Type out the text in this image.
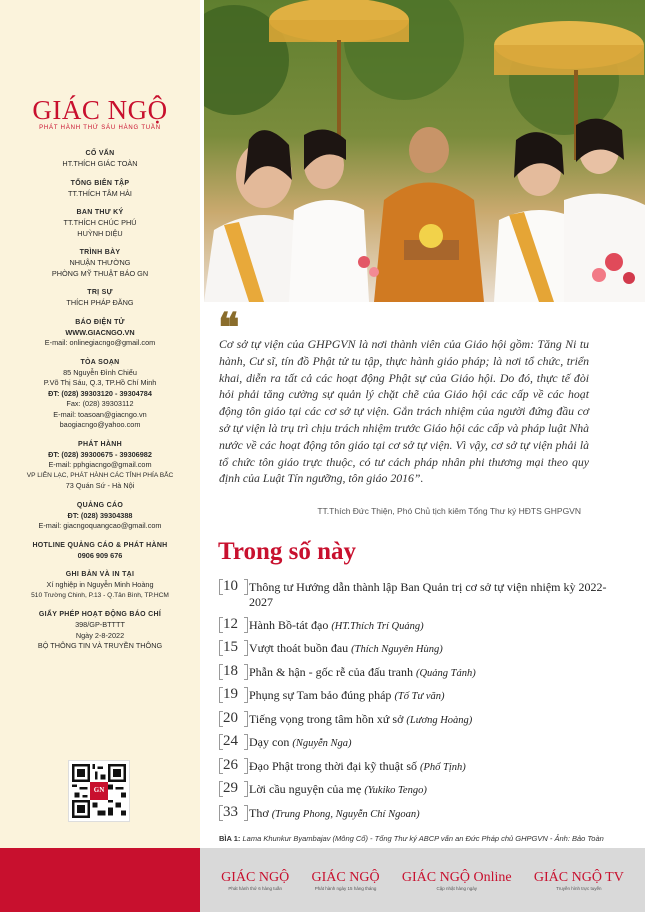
GIÁC NGỘ
PHÁT HÀNH THỨ SÁU HÀNG TUẦN
CỐ VẤN
HT.THÍCH GIÁC TOÀN
TỔNG BIÊN TẬP
TT.THÍCH TÂM HẢI
BAN THƯ KÝ
TT.THÍCH CHÚC PHÚ
HUỲNH DIỆU
TRÌNH BÀY
NHUẬN THƯỜNG
PHÒNG MỸ THUẬT BÁO GN
TRỊ SỰ
THÍCH PHÁP ĐĂNG
BÁO ĐIỆN TỬ
WWW.GIACNGO.VN
E-mail: onlinegiacngo@gmail.com
TÒA SOẠN
85 Nguyễn Đình Chiểu
P.Võ Thị Sáu, Q.3, TP.Hồ Chí Minh
ĐT: (028) 39303120 - 39304784
Fax: (028) 39303112
E-mail: toasoan@giacngo.vn
baogiacngo@yahoo.com
PHÁT HÀNH
ĐT: (028) 39300675 - 39306982
E-mail: pphgiacngo@gmail.com
VP LIÊN LẠC, PHÁT HÀNH CÁC TỈNH PHÍA BẮC
73 Quán Sứ - Hà Nội
QUẢNG CÁO
ĐT: (028) 39304388
E-mail: giacngoquangcao@gmail.com
HOTLINE QUẢNG CÁO & PHÁT HÀNH
0906 909 676
GHI BẢN VÀ IN TẠI
Xí nghiệp in Nguyễn Minh Hoàng
510 Trường Chinh, P.13 - Q.Tân Bình, TP.HCM
GIẤY PHÉP HOẠT ĐỘNG BÁO CHÍ
398/GP-BTTTT
Ngày 2-8-2022
BỘ THÔNG TIN VÀ TRUYỀN THÔNG
GN
❝

Cơ sở tự viện của GHPGVN là nơi thành viên của Giáo hội gồm: Tăng Ni tu hành, Cư sĩ, tín đồ Phật tử tu tập, thực hành giáo pháp; là nơi tổ chức, triển khai, diễn ra tất cả các hoạt động Phật sự của Giáo hội. Do đó, thực tế đòi hỏi phải tăng cường sự quản lý chặt chẽ của Giáo hội các cấp về các hoạt động tôn giáo tại các cơ sở tự viện. Gắn trách nhiệm của người đứng đầu cơ sở tự viện là trụ trì chịu trách nhiệm trước Giáo hội các cấp và pháp luật Nhà nước về các hoạt động tôn giáo tại cơ sở tự viện. Vì vậy, cơ sở tự viện phải là tổ chức tôn giáo trực thuộc, có tư cách pháp nhân phi thương mại theo quy định của Luật Tín ngưỡng, tôn giáo 2016”.

TT.Thích Đức Thiện, Phó Chủ tịch kiêm Tổng Thư ký HĐTS GHPGVN
Trong số này
10 Thông tư Hướng dẫn thành lập Ban Quản trị cơ sở tự viện nhiệm kỳ 2022-2027
12 Hành Bồ-tát đạo (HT.Thích Trí Quảng)
15 Vượt thoát buồn đau (Thích Nguyên Hùng)
18 Phẫn & hận - gốc rễ của đấu tranh (Quảng Tánh)
19 Phụng sự Tam bảo đúng pháp (Tố Tư văn)
20 Tiếng vọng trong tâm hồn xứ sở (Lương Hoàng)
24 Dạy con (Nguyễn Nga)
26 Đạo Phật trong thời đại kỹ thuật số (Phổ Tịnh)
29 Lời cầu nguyện của mẹ (Yukiko Tengo)
33 Thơ (Trung Phong, Nguyễn Chí Ngoan)
BÌA 1: Lama Khunkur Byambajav (Mông Cổ) - Tổng Thư ký ABCP vấn an Đức Pháp chủ GHPGVN - Ảnh: Bảo Toàn
GIÁC NGỘ
Phát hành thứ 6 hàng tuần
GIÁC NGỘ
Phát hành ngày 15 hàng tháng
GIÁC NGỘ Online
Cập nhật hàng ngày
GIÁC NGỘ TV
Truyền hình trực tuyến
